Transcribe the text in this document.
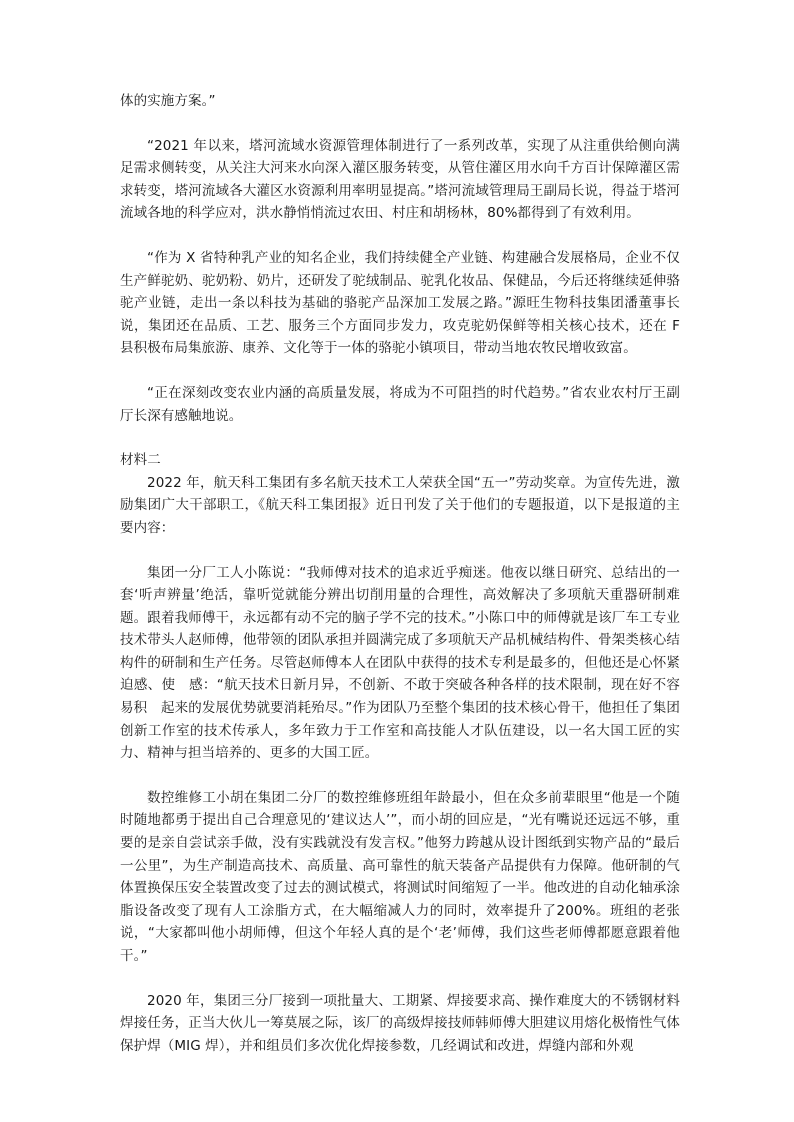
体的实施方案。”

“2021 年以来，塔河流域水资源管理体制进行了一系列改革，实现了从注重供给侧向满足需求侧转变，从关注大河来水向深入灌区服务转变，从管住灌区用水向千方百计保障灌区需求转变，塔河流域各大灌区水资源利用率明显提高。”塔河流域管理局王副局长说，得益于塔河流域各地的科学应对，洪水静悄悄流过农田、村庄和胡杨林，80%都得到了有效利用。

“作为 X 省特种乳产业的知名企业，我们持续健全产业链、构建融合发展格局，企业不仅生产鲜驼奶、驼奶粉、奶片，还研发了驼绒制品、驼乳化妆品、保健品，今后还将继续延伸骆驼产业链，走出一条以科技为基础的骆驼产品深加工发展之路。”源旺生物科技集团潘董事长说，集团还在品质、工艺、服务三个方面同步发力，攻克驼奶保鲜等相关核心技术，还在 F 县积极布局集旅游、康养、文化等于一体的骆驼小镇项目，带动当地农牧民增收致富。

“正在深刻改变农业内涵的高质量发展，将成为不可阻挡的时代趋势。”省农业农村厅王副厅长深有感触地说。

材料二

2022 年，航天科工集团有多名航天技术工人荣获全国“五一”劳动奖章。为宣传先进，激励集团广大干部职工，《航天科工集团报》近日刊发了关于他们的专题报道，以下是报道的主要内容：

集团一分厂工人小陈说：“我师傅对技术的追求近乎痴迷。他夜以继日研究、总结出的一套‘听声辨量’绝活，靠听觉就能分辨出切削用量的合理性，高效解决了多项航天重器研制难题。跟着我师傅干，永远都有动不完的脑子学不完的技术。”小陈口中的师傅就是该厂车工专业技术带头人赵师傅，他带领的团队承担并圆满完成了多项航天产品机械结构件、骨架类核心结构件的研制和生产任务。尽管赵师傅本人在团队中获得的技术专利是最多的，但他还是心怀紧迫感、使　感：“航天技术日新月异，不创新、不敢于突破各种各样的技术限制，现在好不容易积　起来的发展优势就要消耗殆尽。”作为团队乃至整个集团的技术核心骨干，他担任了集团创新工作室的技术传承人，多年致力于工作室和高技能人才队伍建设，以一名大国工匠的实力、精神与担当培养的、更多的大国工匠。

数控维修工小胡在集团二分厂的数控维修班组年龄最小，但在众多前辈眼里“他是一个随时随地都勇于提出自己合理意见的‘建议达人’”，而小胡的回应是，“光有嘴说还远远不够，重要的是亲自尝试亲手做，没有实践就没有发言权。”他努力跨越从设计图纸到实物产品的“最后一公里”，为生产制造高技术、高质量、高可靠性的航天装备产品提供有力保障。他研制的气体置换保压安全装置改变了过去的测试模式，将测试时间缩短了一半。他改进的自动化轴承涂脂设备改变了现有人工涂脂方式，在大幅缩减人力的同时，效率提升了200%。班组的老张说，“大家都叫他小胡师傅，但这个年轻人真的是个‘老’师傅，我们这些老师傅都愿意跟着他干。”

2020 年，集团三分厂接到一项批量大、工期紧、焊接要求高、操作难度大的不锈钢材料焊接任务，正当大伙儿一筹莫展之际，该厂的高级焊接技师韩师傅大胆建议用熔化极惰性气体保护焊（MIG 焊），并和组员们多次优化焊接参数，几经调试和改进，焊缝内部和外观
